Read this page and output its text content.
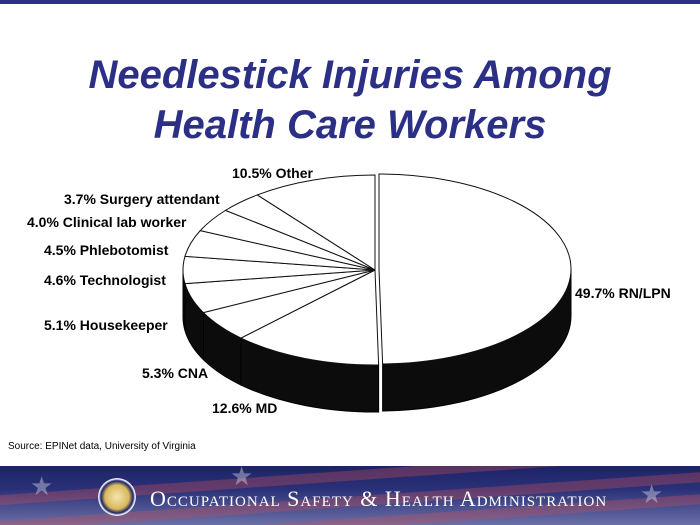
Needlestick Injuries Among
Health Care Workers
49.7% RN/LPN
12.6% MD
5.3% CNA
5.1% Housekeeper
4.6% Technologist
4.5% Phlebotomist
4.0% Clinical lab worker
3.7% Surgery attendant
10.5% Other
Source: EPINet data, University of Virginia
★	★
★
Occupational Safety & Health Administration
